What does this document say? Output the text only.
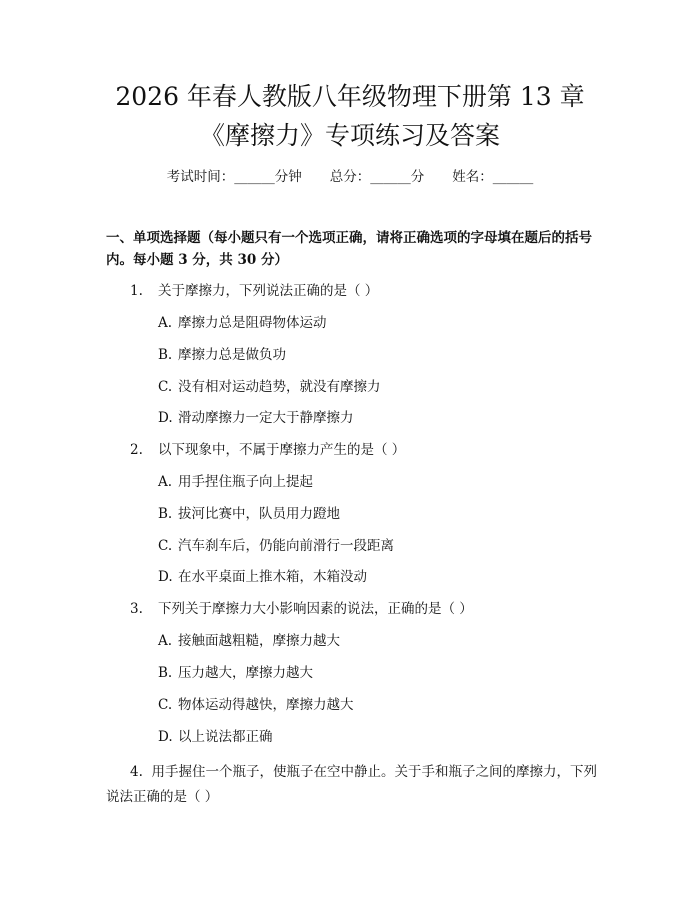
2026 年春人教版八年级物理下册第 13 章
《摩擦力》专项练习及答案
考试时间：______分钟 总分：______分 姓名：______
一、单项选择题（每小题只有一个选项正确，请将正确选项的字母填在题后的括号内。每小题 3 分，共 30 分）
1. 关于摩擦力，下列说法正确的是（ ）
A. 摩擦力总是阻碍物体运动
B. 摩擦力总是做负功
C. 没有相对运动趋势，就没有摩擦力
D. 滑动摩擦力一定大于静摩擦力
2. 以下现象中，不属于摩擦力产生的是（ ）
A. 用手捏住瓶子向上提起
B. 拔河比赛中，队员用力蹬地
C. 汽车刹车后，仍能向前滑行一段距离
D. 在水平桌面上推木箱，木箱没动
3. 下列关于摩擦力大小影响因素的说法，正确的是（ ）
A. 接触面越粗糙，摩擦力越大
B. 压力越大，摩擦力越大
C. 物体运动得越快，摩擦力越大
D. 以上说法都正确
4. 用手握住一个瓶子，使瓶子在空中静止。关于手和瓶子之间的摩擦力，下列说法正确的是（ ）
